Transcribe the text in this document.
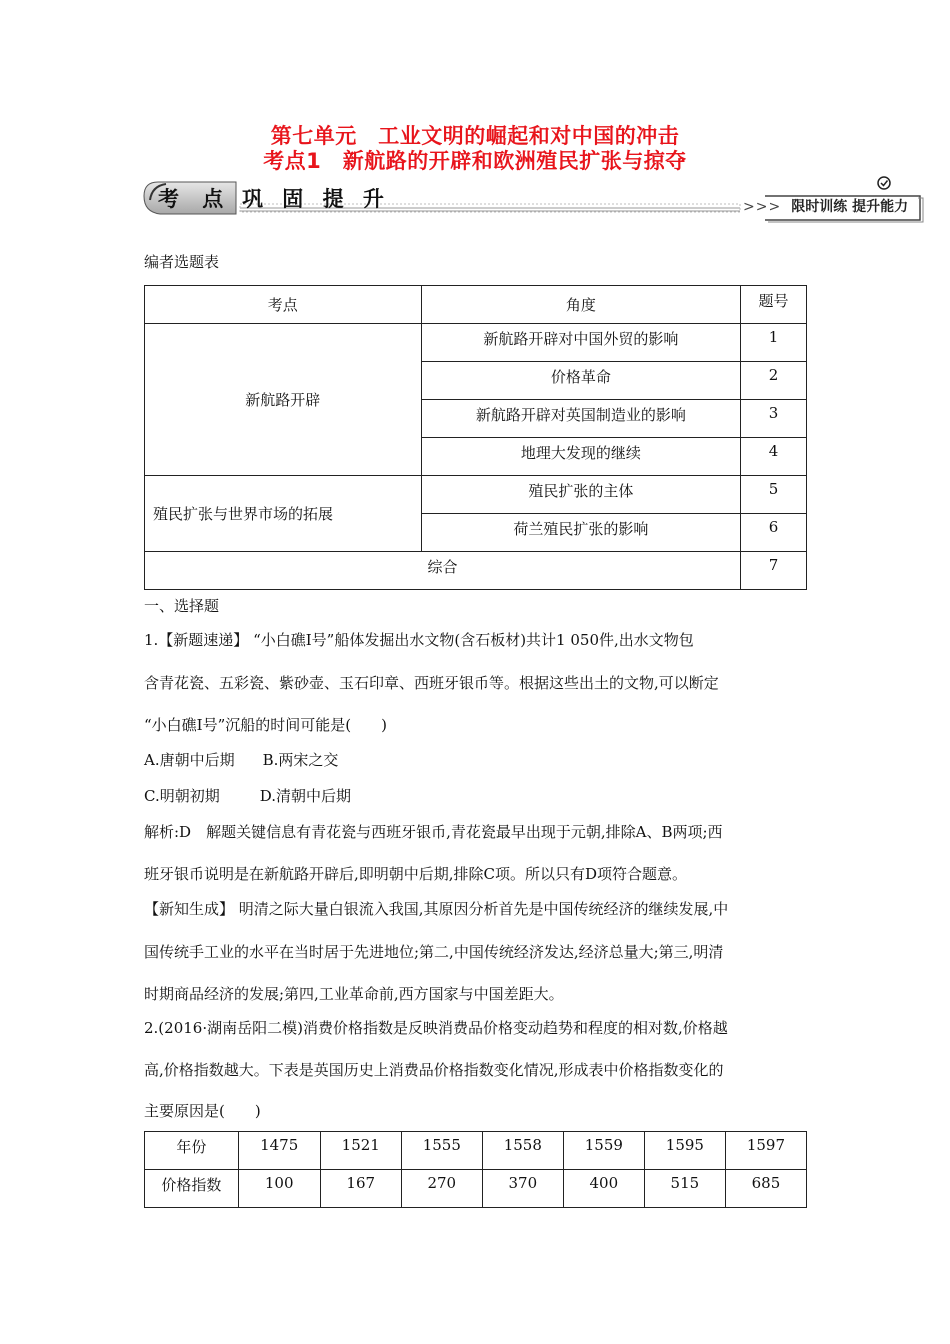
第七单元　工业文明的崛起和对中国的冲击
考点1　新航路的开辟和欧洲殖民扩张与掠夺
考 点 巩 固 提 升	>>> 限时训练 提升能力
编者选题表
考点	角度	题号
新航路开辟	新航路开辟对中国外贸的影响	1
	价格革命	2
	新航路开辟对英国制造业的影响	3
	地理大发现的继续	4
殖民扩张与世界市场的拓展	殖民扩张的主体	5
	荷兰殖民扩张的影响	6
综合		7
一、选择题
1.【新题速递】 “小白礁Ⅰ号”船体发掘出水文物(含石板材)共计1 050件,出水文物包
含青花瓷、五彩瓷、紫砂壶、玉石印章、西班牙银币等。根据这些出土的文物,可以断定
“小白礁Ⅰ号”沉船的时间可能是(　　)
A.唐朝中后期 B.两宋之交
C.明朝初期	D.清朝中后期
解析:D　解题关键信息有青花瓷与西班牙银币,青花瓷最早出现于元朝,排除A、B两项;西
班牙银币说明是在新航路开辟后,即明朝中后期,排除C项。所以只有D项符合题意。
【新知生成】 明清之际大量白银流入我国,其原因分析首先是中国传统经济的继续发展,中
国传统手工业的水平在当时居于先进地位;第二,中国传统经济发达,经济总量大;第三,明清
时期商品经济的发展;第四,工业革命前,西方国家与中国差距大。
2.(2016·湖南岳阳二模)消费价格指数是反映消费品价格变动趋势和程度的相对数,价格越
高,价格指数越大。下表是英国历史上消费品价格指数变化情况,形成表中价格指数变化的
主要原因是(　　)
年份	1475	1521	1555	1558	1559	1595	1597
价格指数	100	167	270	370	400	515	685
